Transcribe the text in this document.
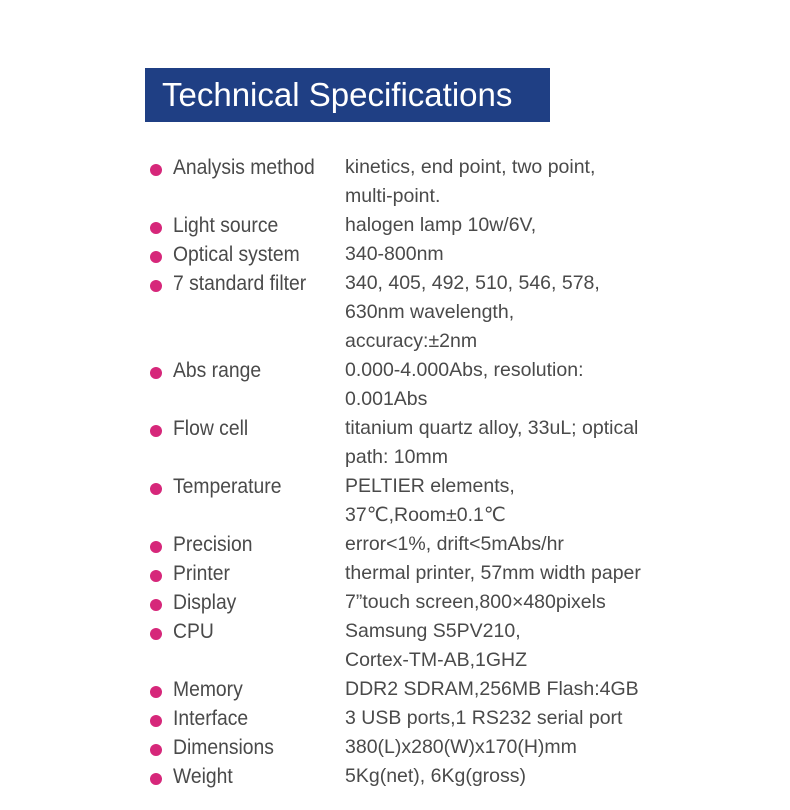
Technical Specifications
Analysis method	kinetics, end point, two point,
multi-point.
Light source	halogen lamp 10w/6V,
Optical system	340-800nm
7 standard filter	340, 405, 492, 510, 546, 578,
630nm wavelength,
accuracy:±2nm
Abs range	0.000-4.000Abs, resolution:
0.001Abs
Flow cell	titanium quartz alloy, 33uL; optical
path: 10mm
Temperature	PELTIER elements,
37℃,Room±0.1℃
Precision	error<1%, drift<5mAbs/hr
Printer	thermal printer, 57mm width paper
Display	7”touch screen,800×480pixels
CPU	Samsung S5PV210,
Cortex-TM-AB,1GHZ
Memory	DDR2 SDRAM,256MB Flash:4GB
Interface	3 USB ports,1 RS232 serial port
Dimensions	380(L)x280(W)x170(H)mm
Weight	5Kg(net), 6Kg(gross)
